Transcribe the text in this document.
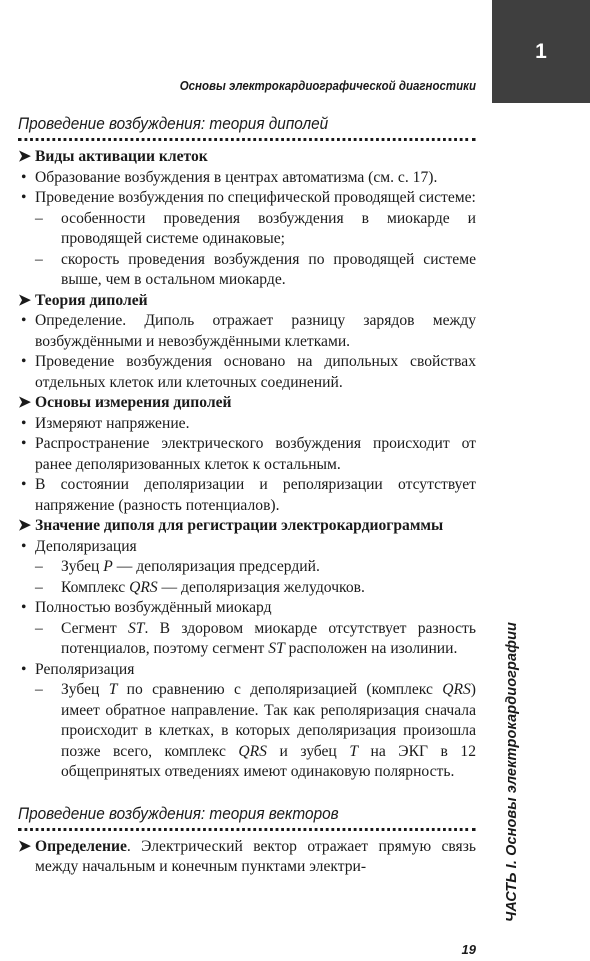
1
Основы электрокардиографической диагностики
ЧАСТЬ I. Основы электрокардиографии
Проведение возбуждения: теория диполей
➤ Виды активации клеток
• Образование возбуждения в центрах автоматизма (см. с. 17).
• Проведение возбуждения по специфической проводящей системе:
– особенности проведения возбуждения в миокарде и проводящей системе одинаковые;
– скорость проведения возбуждения по проводящей системе выше, чем в остальном миокарде.
➤ Теория диполей
• Определение. Диполь отражает разницу зарядов между возбуждёнными и невозбуждёнными клетками.
• Проведение возбуждения основано на дипольных свойствах отдельных клеток или клеточных соединений.
➤ Основы измерения диполей
• Измеряют напряжение.
• Распространение электрического возбуждения происходит от ранее деполяризованных клеток к остальным.
• В состоянии деполяризации и реполяризации отсутствует напряжение (разность потенциалов).
➤ Значение диполя для регистрации электрокардиограммы
• Деполяризация
– Зубец P — деполяризация предсердий.
– Комплекс QRS — деполяризация желудочков.
• Полностью возбуждённый миокард
– Сегмент ST. В здоровом миокарде отсутствует разность потенциалов, поэтому сегмент ST расположен на изолинии.
• Реполяризация
– Зубец T по сравнению с деполяризацией (комплекс QRS) имеет обратное направление. Так как реполяризация сначала происходит в клетках, в которых деполяризация произошла позже всего, комплекс QRS и зубец T на ЭКГ в 12 общепринятых отведениях имеют одинаковую полярность.
Проведение возбуждения: теория векторов
➤ Определение. Электрический вектор отражает прямую связь между начальным и конечным пунктами электри-
19
